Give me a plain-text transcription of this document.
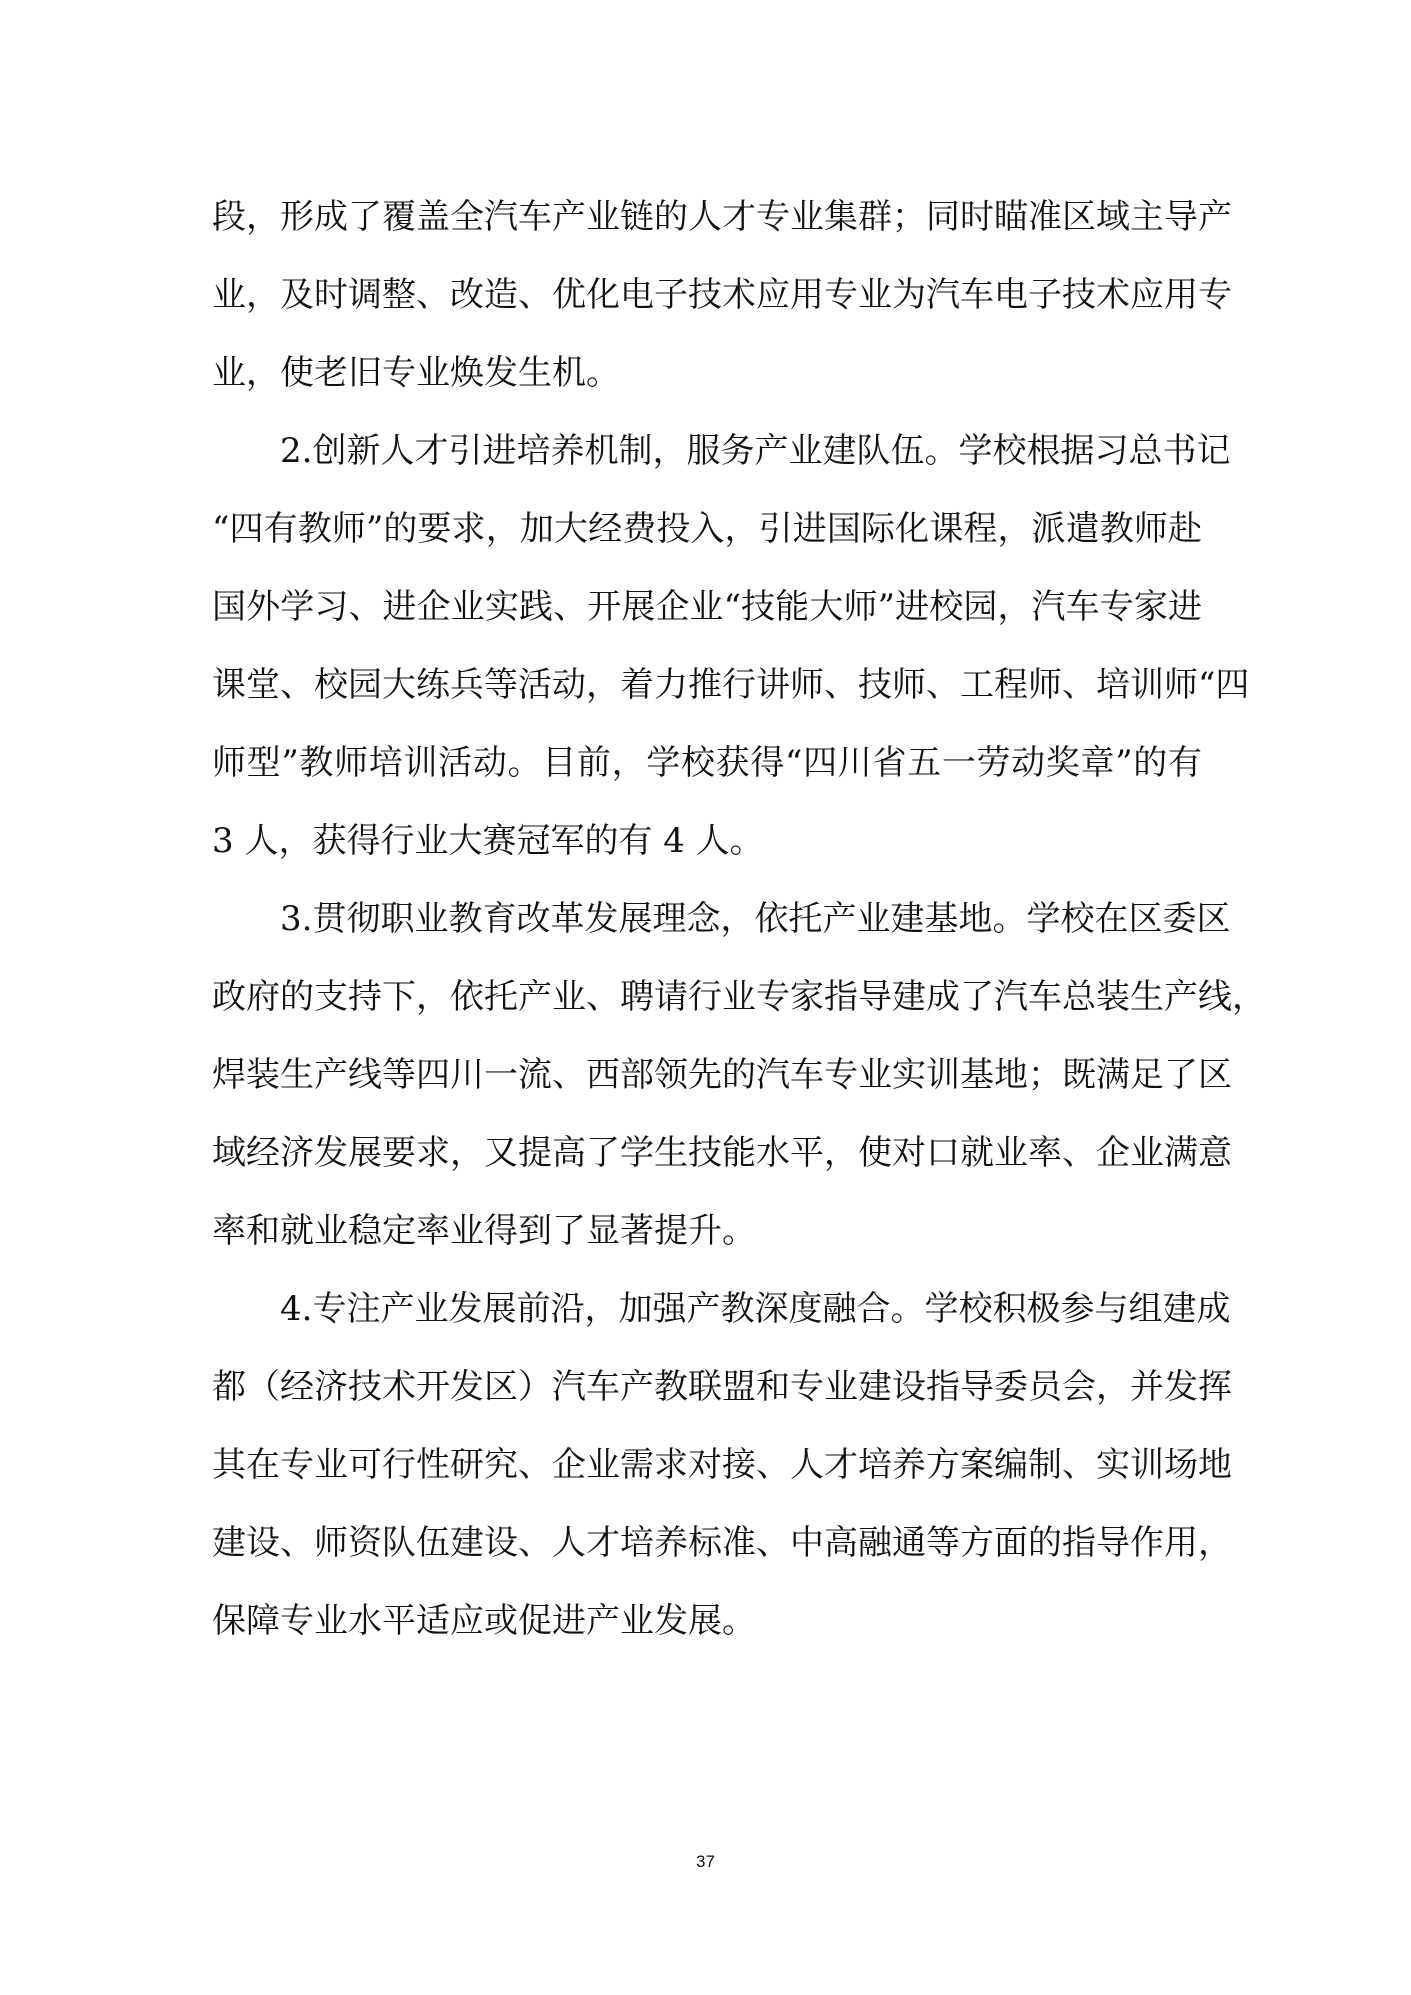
段，形成了覆盖全汽车产业链的人才专业集群；同时瞄准区域主导产
业，及时调整、改造、优化电子技术应用专业为汽车电子技术应用专
业，使老旧专业焕发生机。
2.创新人才引进培养机制，服务产业建队伍。学校根据习总书记
“四有教师”的要求，加大经费投入，引进国际化课程，派遣教师赴
国外学习、进企业实践、开展企业“技能大师”进校园，汽车专家进
课堂、校园大练兵等活动，着力推行讲师、技师、工程师、培训师“四
师型”教师培训活动。目前，学校获得“四川省五一劳动奖章”的有
3 人，获得行业大赛冠军的有 4 人。
3.贯彻职业教育改革发展理念，依托产业建基地。学校在区委区
政府的支持下，依托产业、聘请行业专家指导建成了汽车总装生产线，
焊装生产线等四川一流、西部领先的汽车专业实训基地；既满足了区
域经济发展要求，又提高了学生技能水平，使对口就业率、企业满意
率和就业稳定率业得到了显著提升。
4.专注产业发展前沿，加强产教深度融合。学校积极参与组建成
都（经济技术开发区）汽车产教联盟和专业建设指导委员会，并发挥
其在专业可行性研究、企业需求对接、人才培养方案编制、实训场地
建设、师资队伍建设、人才培养标准、中高融通等方面的指导作用，
保障专业水平适应或促进产业发展。
37
